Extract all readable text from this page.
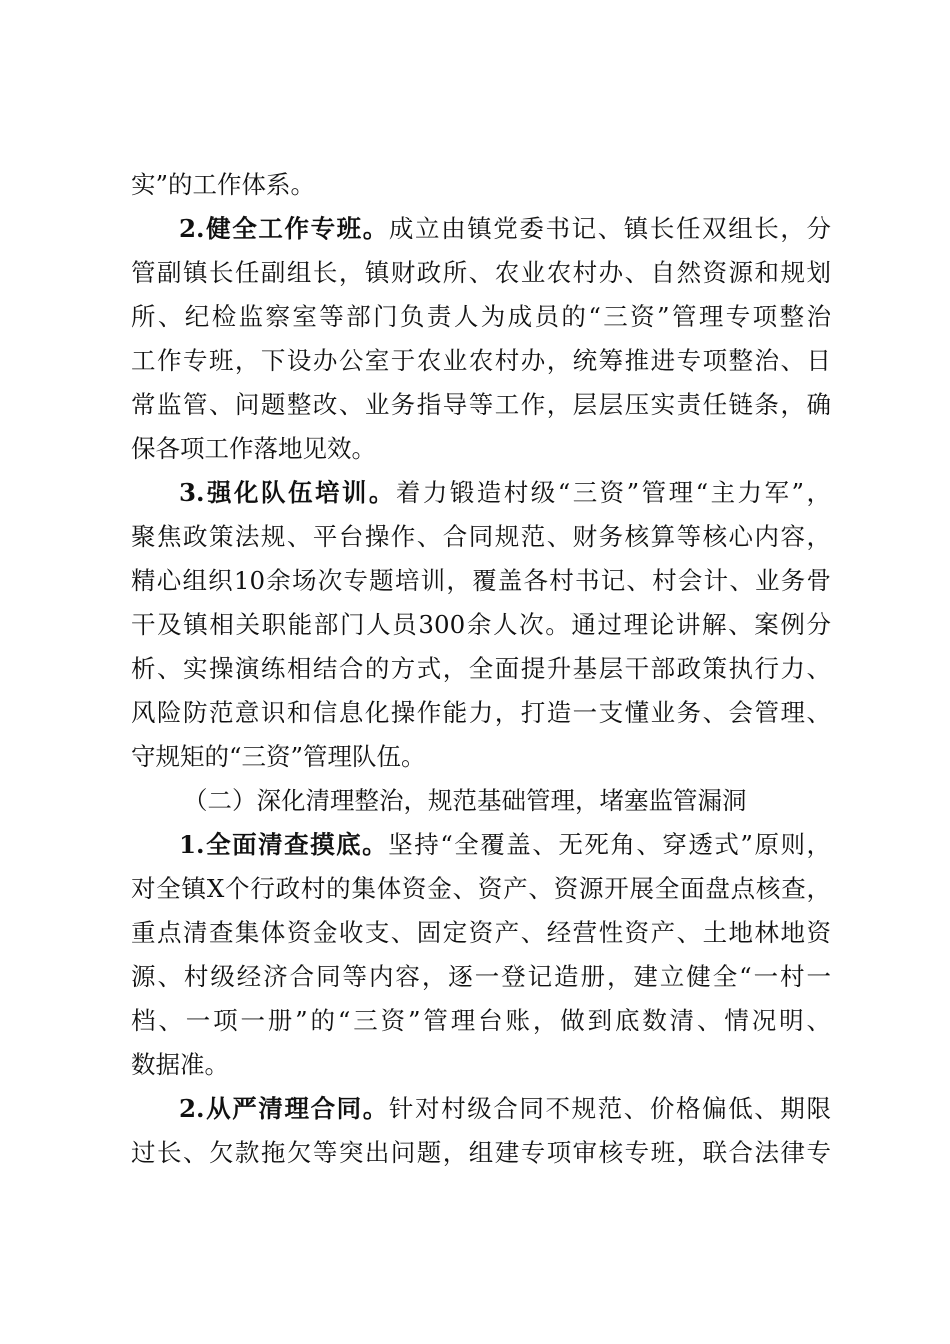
实”的工作体系。
2.健全工作专班。成立由镇党委书记、镇长任双组长，分
管副镇长任副组长，镇财政所、农业农村办、自然资源和规划
所、纪检监察室等部门负责人为成员的“三资”管理专项整治
工作专班，下设办公室于农业农村办，统筹推进专项整治、日
常监管、问题整改、业务指导等工作，层层压实责任链条，确
保各项工作落地见效。
3.强化队伍培训。着力锻造村级“三资”管理“主力军”，
聚焦政策法规、平台操作、合同规范、财务核算等核心内容，
精心组织10余场次专题培训，覆盖各村书记、村会计、业务骨
干及镇相关职能部门人员300余人次。通过理论讲解、案例分
析、实操演练相结合的方式，全面提升基层干部政策执行力、
风险防范意识和信息化操作能力，打造一支懂业务、会管理、
守规矩的“三资”管理队伍。
（二）深化清理整治，规范基础管理，堵塞监管漏洞
1.全面清查摸底。坚持“全覆盖、无死角、穿透式”原则，
对全镇X个行政村的集体资金、资产、资源开展全面盘点核查，
重点清查集体资金收支、固定资产、经营性资产、土地林地资
源、村级经济合同等内容，逐一登记造册，建立健全“一村一
档、一项一册”的“三资”管理台账，做到底数清、情况明、
数据准。
2.从严清理合同。针对村级合同不规范、价格偏低、期限
过长、欠款拖欠等突出问题，组建专项审核专班，联合法律专
